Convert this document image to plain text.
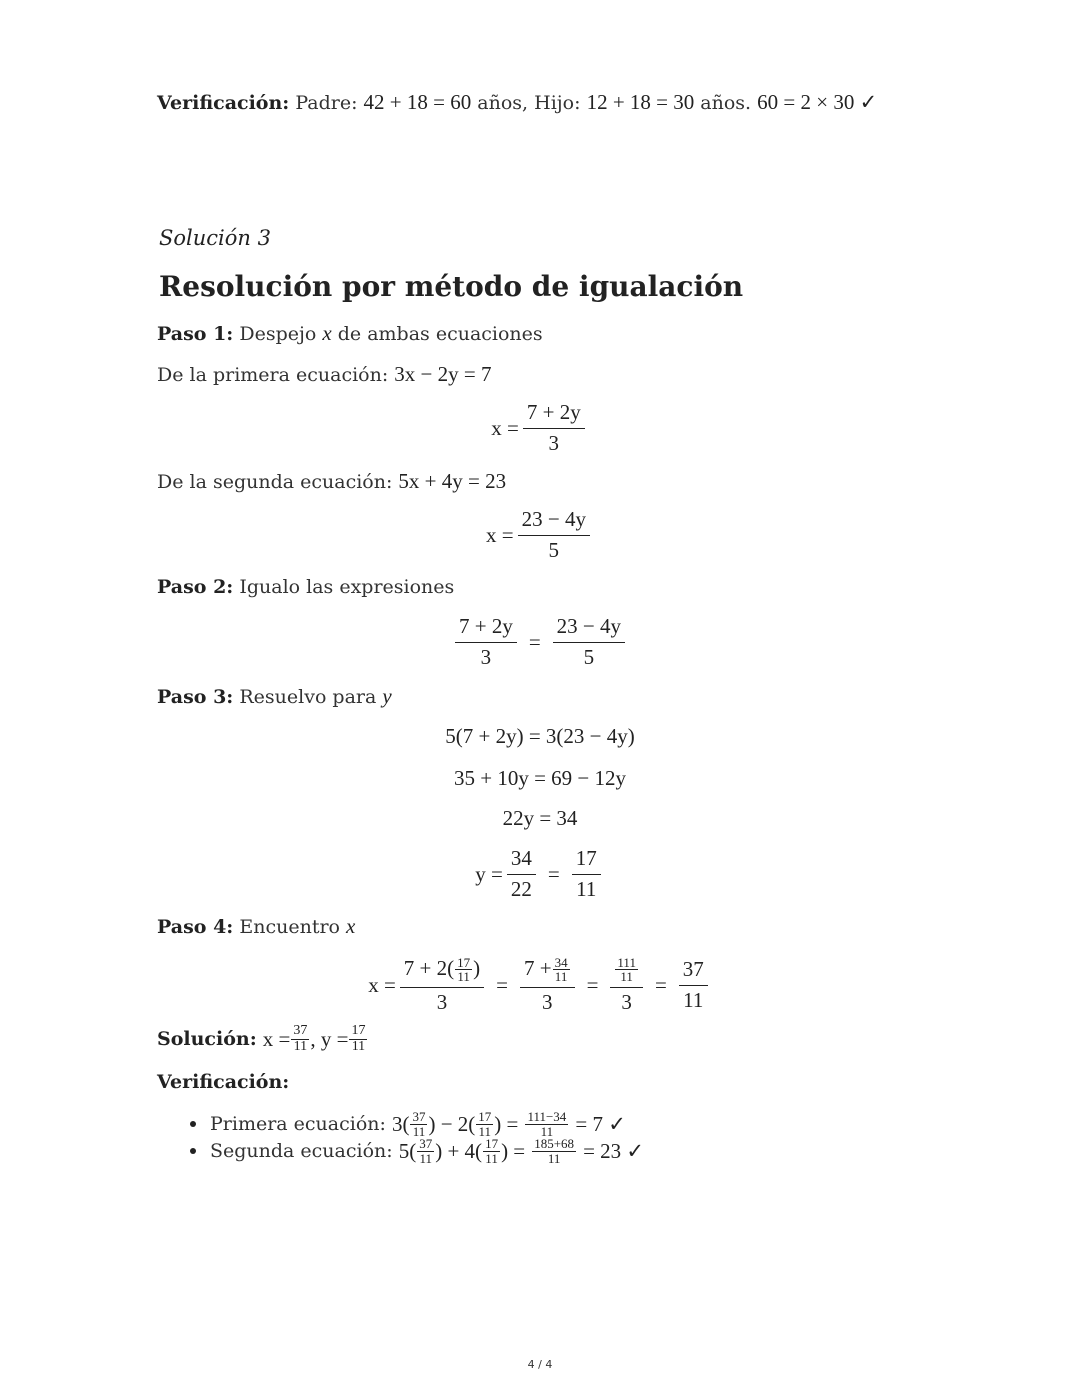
Verificación: Padre: 42 + 18 = 60 años, Hijo: 12 + 18 = 30 años. 60 = 2 × 30 ✓
Solución 3
Resolución por método de igualación
Paso 1: Despejo x de ambas ecuaciones
De la primera ecuación: 3x − 2y = 7
$x = \frac{7 + 2y}{3}$
De la segunda ecuación: 5x + 4y = 23
$x = \frac{23 - 4y}{5}$
Paso 2: Igualo las expresiones
$\frac{7 + 2y}{3} = \frac{23 - 4y}{5}$
Paso 3: Resuelvo para y
5(7 + 2y) = 3(23 − 4y)
35 + 10y = 69 − 12y
22y = 34
$y = \frac{34}{22} = \frac{17}{11}$
Paso 4: Encuentro x
$x = \frac{7 + 2( \frac{17}{11} )}{3} = \frac{7 + \frac{34}{11}}{3} = \frac{\frac{111}{11}}{3} = \frac{37}{11}$
Solución:
$x = \frac{37}{11}$ , $y = \frac{17}{11}$
Verificación:
Primera ecuación:
$3( \frac{37}{11}$ ) − $2( \frac{17}{11}$ ) =
$\frac{111-34}{11}$
= 7 ✓
Segunda ecuación:
$5( \frac{37}{11}$ ) + $4( \frac{17}{11}$ ) =
$\frac{185+68}{11}$
= 23 ✓
4 / 4
